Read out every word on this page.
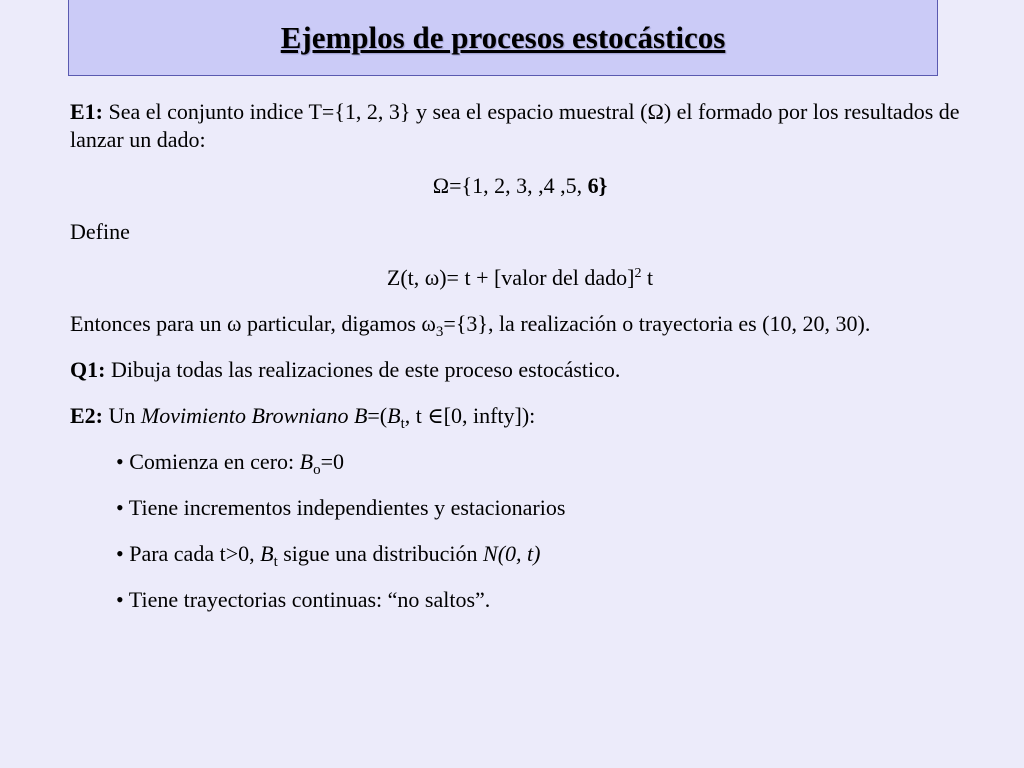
Ejemplos de procesos estocásticos

E1: Sea el conjunto indice T={1, 2, 3} y sea el espacio muestral (Ω) el formado por los resultados de lanzar un dado:

Ω={1, 2, 3, ,4 ,5, 6}

Define

Z(t, ω)= t + [valor del dado]$^2$ t

Entonces para un ω particular, digamos $\omega_3=\{3\}$, la realización o trayectoria es (10, 20, 30).

Q1: Dibuja todas las realizaciones de este proceso estocástico.

E2: Un Movimiento Browniano $B=(B_t$, t ∈[0, infty]):

• Comienza en cero: $B_o=0$

• Tiene incrementos independientes y estacionarios

• Para cada t>0, $B_t$ sigue una distribución N(0, t)

• Tiene trayectorias continuas: “no saltos”.
